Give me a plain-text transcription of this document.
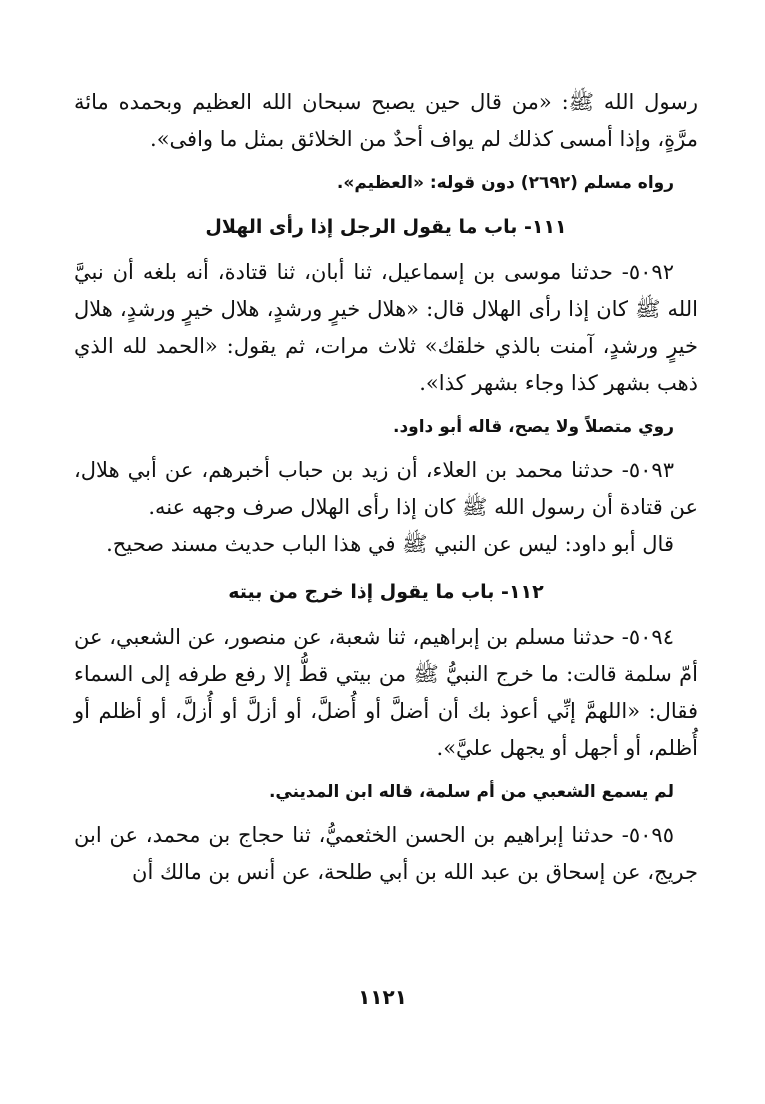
رسول الله ﷺ: «من قال حين يصبح سبحان الله العظيم وبحمده مائة مرَّةٍ، وإذا أمسى كذلك لم يواف أحدٌ من الخلائق بمثل ما وافى».

رواه مسلم (٢٦٩٢) دون قوله: «العظيم».

١١١- باب ما يقول الرجل إذا رأى الهلال

٥٠٩٢- حدثنا موسى بن إسماعيل، ثنا أبان، ثنا قتادة، أنه بلغه أن نبيَّ الله ﷺ كان إذا رأى الهلال قال: «هلال خيرٍ ورشدٍ، هلال خيرٍ ورشدٍ، هلال خيرٍ ورشدٍ، آمنت بالذي خلقك» ثلاث مرات، ثم يقول: «الحمد لله الذي ذهب بشهر كذا وجاء بشهر كذا».

روي متصلاً ولا يصح، قاله أبو داود.

٥٠٩٣- حدثنا محمد بن العلاء، أن زيد بن حباب أخبرهم، عن أبي هلال، عن قتادة أن رسول الله ﷺ كان إذا رأى الهلال صرف وجهه عنه.

قال أبو داود: ليس عن النبي ﷺ في هذا الباب حديث مسند صحيح.

١١٢- باب ما يقول إذا خرج من بيته

٥٠٩٤- حدثنا مسلم بن إبراهيم، ثنا شعبة، عن منصور، عن الشعبي، عن أمّ سلمة قالت: ما خرج النبيُّ ﷺ من بيتي قطُّ إلا رفع طرفه إلى السماء فقال: «اللهمَّ إنِّي أعوذ بك أن أضلَّ أو أُضلَّ، أو أزلَّ أو أُزلَّ، أو أظلم أو أُظلم، أو أجهل أو يجهل عليَّ».

لم يسمع الشعبي من أم سلمة، قاله ابن المديني.

٥٠٩٥- حدثنا إبراهيم بن الحسن الخثعميُّ، ثنا حجاج بن محمد، عن ابن جريج، عن إسحاق بن عبد الله بن أبي طلحة، عن أنس بن مالك أن

١١٢١
